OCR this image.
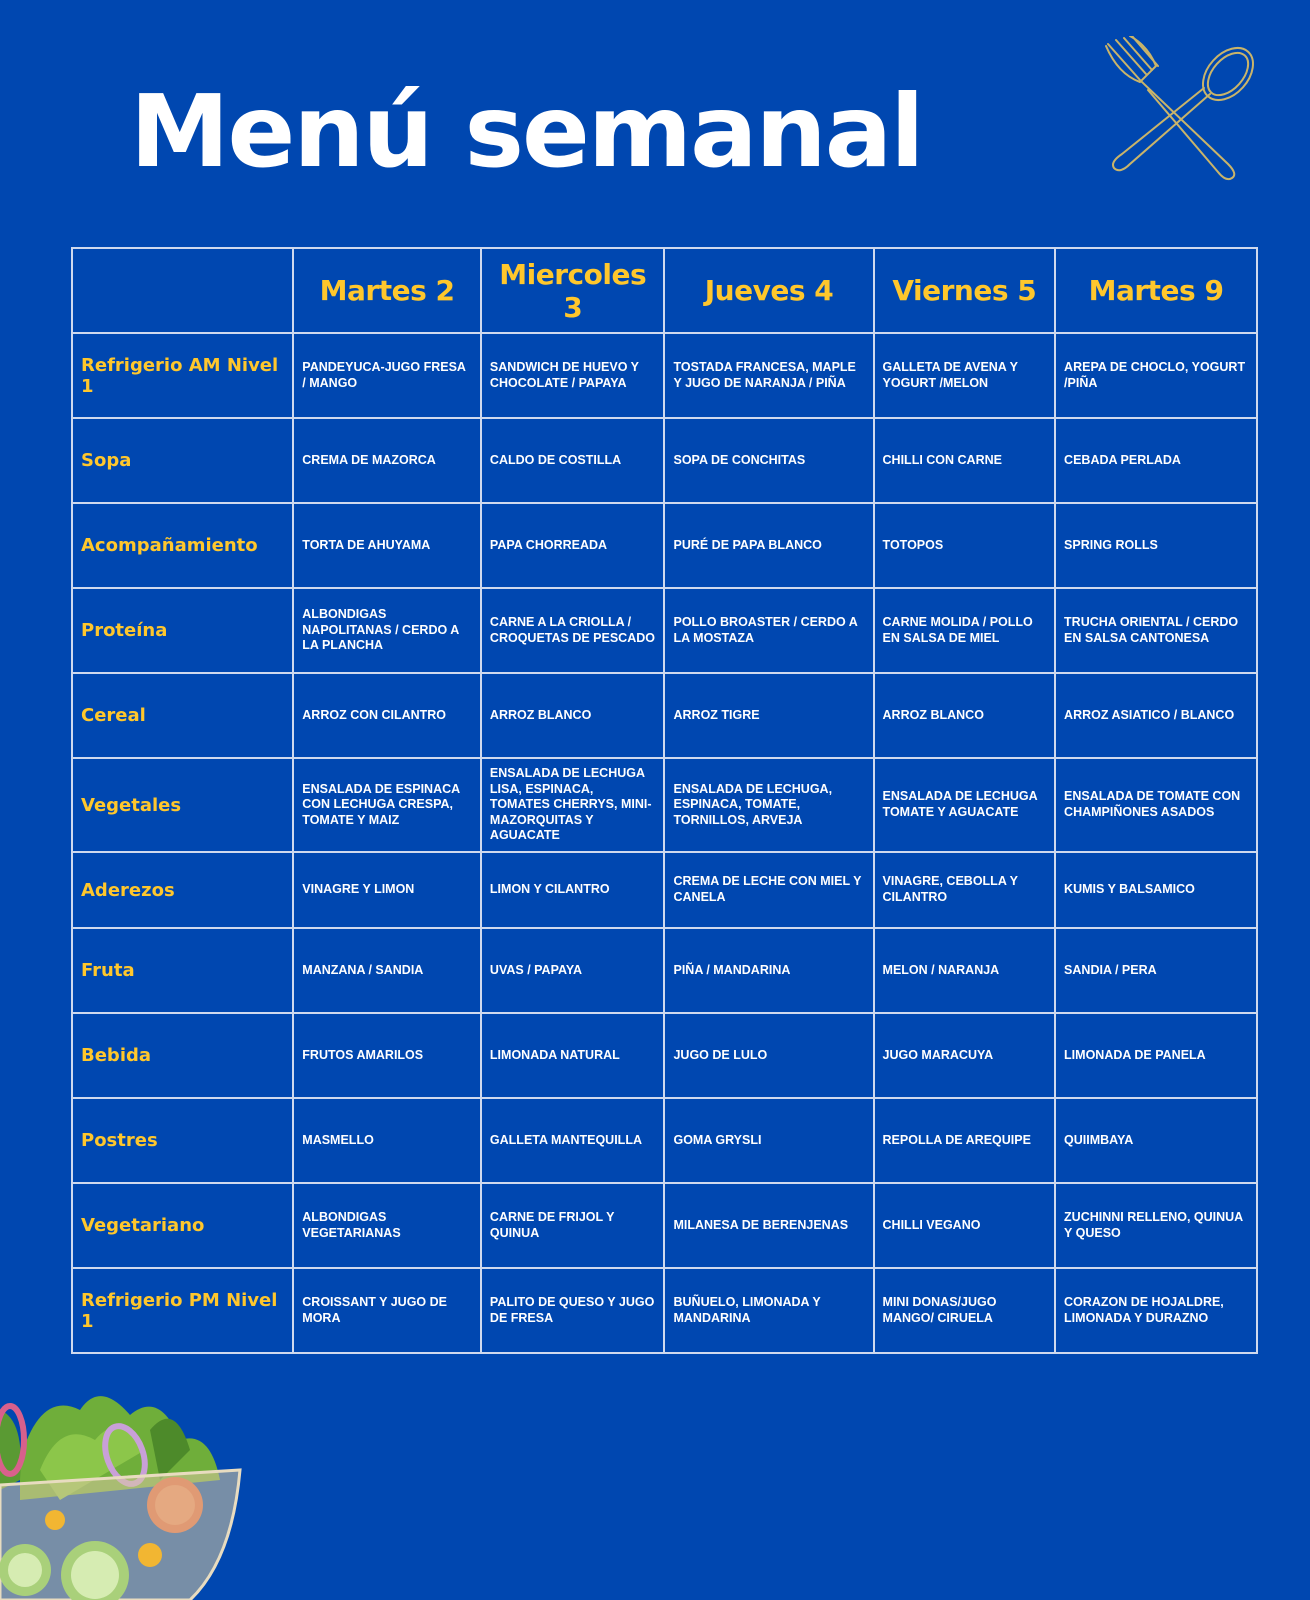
Menú semanal
	Martes 2	Miercoles 3	Jueves 4	Viernes 5	Martes 9
Refrigerio AM Nivel 1	PANDEYUCA-JUGO FRESA / MANGO	SANDWICH DE HUEVO Y CHOCOLATE / PAPAYA	TOSTADA FRANCESA, MAPLE Y JUGO DE NARANJA / PIÑA	GALLETA DE AVENA Y YOGURT /MELON	AREPA DE CHOCLO, YOGURT /PIÑA
Sopa	CREMA DE MAZORCA	CALDO DE COSTILLA	SOPA DE CONCHITAS	CHILLI CON CARNE	CEBADA PERLADA
Acompañamiento	TORTA DE AHUYAMA	PAPA CHORREADA	PURÉ DE PAPA BLANCO	TOTOPOS	SPRING ROLLS
Proteína	ALBONDIGAS NAPOLITANAS / CERDO A LA PLANCHA	CARNE A LA CRIOLLA / CROQUETAS DE PESCADO	POLLO BROASTER / CERDO A LA MOSTAZA	CARNE MOLIDA / POLLO EN SALSA DE MIEL	TRUCHA ORIENTAL / CERDO EN SALSA CANTONESA
Cereal	ARROZ CON CILANTRO	ARROZ BLANCO	ARROZ TIGRE	ARROZ BLANCO	ARROZ ASIATICO / BLANCO
Vegetales	ENSALADA DE ESPINACA CON LECHUGA CRESPA, TOMATE Y MAIZ	ENSALADA DE LECHUGA LISA, ESPINACA, TOMATES CHERRYS, MINI-MAZORQUITAS Y AGUACATE	ENSALADA DE LECHUGA, ESPINACA, TOMATE, TORNILLOS, ARVEJA	ENSALADA DE LECHUGA TOMATE Y AGUACATE	ENSALADA DE TOMATE CON CHAMPIÑONES ASADOS
Aderezos	VINAGRE Y LIMON	LIMON Y CILANTRO	CREMA DE LECHE CON MIEL Y CANELA	VINAGRE, CEBOLLA Y CILANTRO	KUMIS Y BALSAMICO
Fruta	MANZANA / SANDIA	UVAS / PAPAYA	PIÑA / MANDARINA	MELON / NARANJA	SANDIA / PERA
Bebida	FRUTOS AMARILOS	LIMONADA NATURAL	JUGO DE LULO	JUGO MARACUYA	LIMONADA DE PANELA
Postres	MASMELLO	GALLETA MANTEQUILLA	GOMA GRYSLI	REPOLLA DE AREQUIPE	QUIIMBAYA
Vegetariano	ALBONDIGAS VEGETARIANAS	CARNE DE FRIJOL Y QUINUA	MILANESA DE BERENJENAS	CHILLI VEGANO	ZUCHINNI RELLENO, QUINUA Y QUESO
Refrigerio PM Nivel 1	CROISSANT Y JUGO DE MORA	PALITO DE QUESO Y JUGO DE FRESA	BUÑUELO, LIMONADA Y MANDARINA	MINI DONAS/JUGO MANGO/ CIRUELA	CORAZON DE HOJALDRE, LIMONADA Y DURAZNO
